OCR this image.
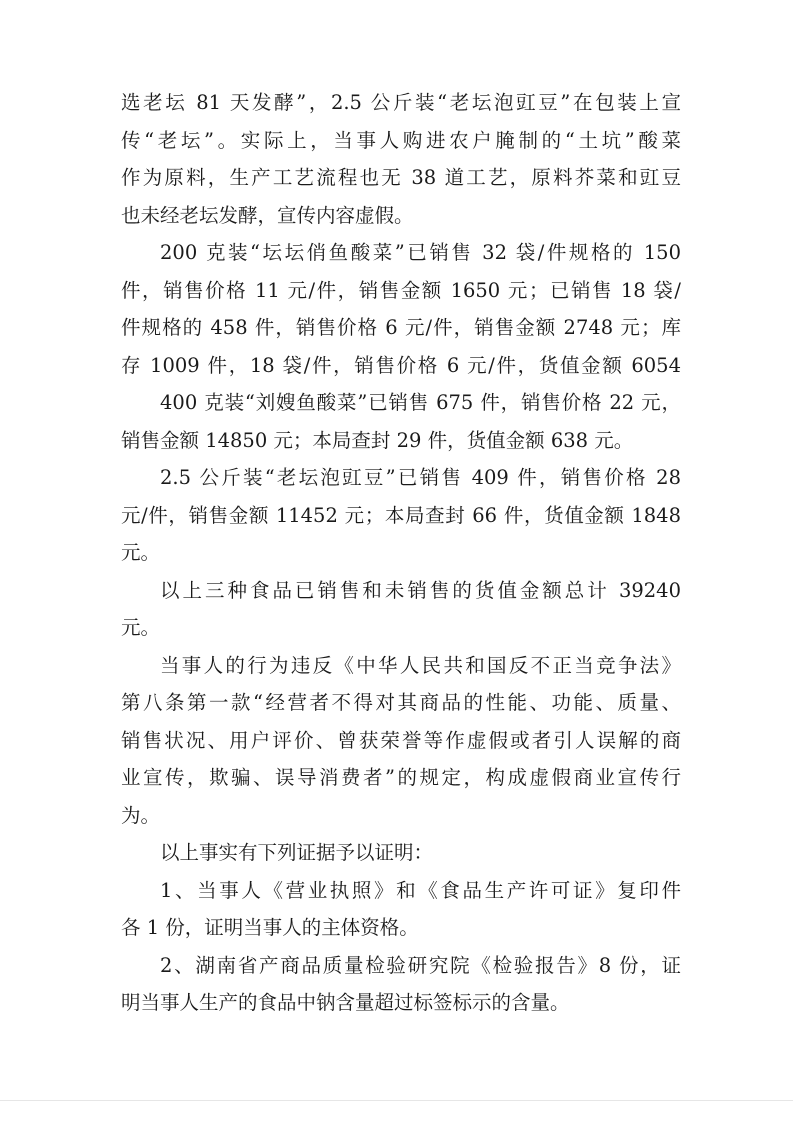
选老坛 81 天发酵”，2.5 公斤装“老坛泡豇豆”在包装上宣
传“老坛”。实际上，当事人购进农户腌制的“土坑”酸菜
作为原料，生产工艺流程也无 38 道工艺，原料芥菜和豇豆
也未经老坛发酵，宣传内容虚假。
200 克装“坛坛俏鱼酸菜”已销售 32 袋/件规格的 150
件，销售价格 11 元/件，销售金额 1650 元；已销售 18 袋/
件规格的 458 件，销售价格 6 元/件，销售金额 2748 元；库
存 1009 件，18 袋/件，销售价格 6 元/件，货值金额 6054
400 克装“刘嫂鱼酸菜”已销售 675 件，销售价格 22 元，
销售金额 14850 元；本局查封 29 件，货值金额 638 元。
2.5 公斤装“老坛泡豇豆”已销售 409 件，销售价格 28
元/件，销售金额 11452 元；本局查封 66 件，货值金额 1848
元。
以上三种食品已销售和未销售的货值金额总计 39240
元。
当事人的行为违反《中华人民共和国反不正当竞争法》
第八条第一款“经营者不得对其商品的性能、功能、质量、
销售状况、用户评价、曾获荣誉等作虚假或者引人误解的商
业宣传，欺骗、误导消费者”的规定，构成虚假商业宣传行
为。
以上事实有下列证据予以证明：
1、当事人《营业执照》和《食品生产许可证》复印件
各 1 份，证明当事人的主体资格。
2、湖南省产商品质量检验研究院《检验报告》8 份，证
明当事人生产的食品中钠含量超过标签标示的含量。
